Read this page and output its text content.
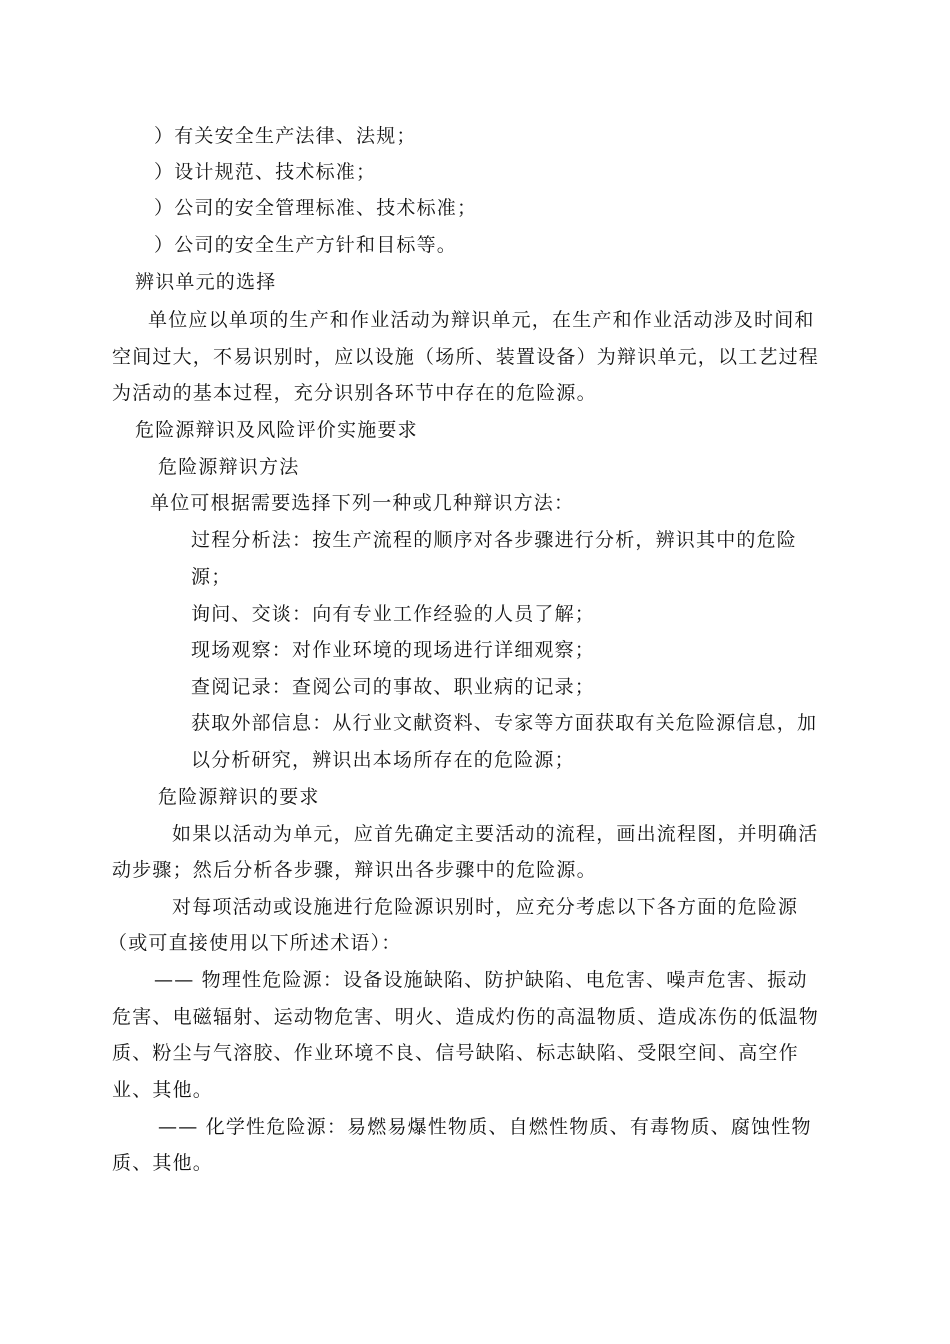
）有关安全生产法律、法规；
）设计规范、技术标准；
）公司的安全管理标准、技术标准；
）公司的安全生产方针和目标等。
辨识单元的选择
单位应以单项的生产和作业活动为辩识单元，在生产和作业活动涉及时间和
空间过大，不易识别时，应以设施（场所、装置设备）为辩识单元，以工艺过程
为活动的基本过程，充分识别各环节中存在的危险源。
危险源辩识及风险评价实施要求
危险源辩识方法
单位可根据需要选择下列一种或几种辩识方法：
过程分析法：按生产流程的顺序对各步骤进行分析，辨识其中的危险
源；
询问、交谈：向有专业工作经验的人员了解；
现场观察：对作业环境的现场进行详细观察；
查阅记录：查阅公司的事故、职业病的记录；
获取外部信息：从行业文献资料、专家等方面获取有关危险源信息，加
以分析研究，辨识出本场所存在的危险源；
危险源辩识的要求
如果以活动为单元，应首先确定主要活动的流程，画出流程图，并明确活
动步骤；然后分析各步骤，辩识出各步骤中的危险源。
对每项活动或设施进行危险源识别时，应充分考虑以下各方面的危险源
（或可直接使用以下所述术语）：
—— 物理性危险源：设备设施缺陷、防护缺陷、电危害、噪声危害、振动
危害、电磁辐射、运动物危害、明火、造成灼伤的高温物质、造成冻伤的低温物
质、粉尘与气溶胶、作业环境不良、信号缺陷、标志缺陷、受限空间、高空作
业、其他。
—— 化学性危险源：易燃易爆性物质、自燃性物质、有毒物质、腐蚀性物
质、其他。
